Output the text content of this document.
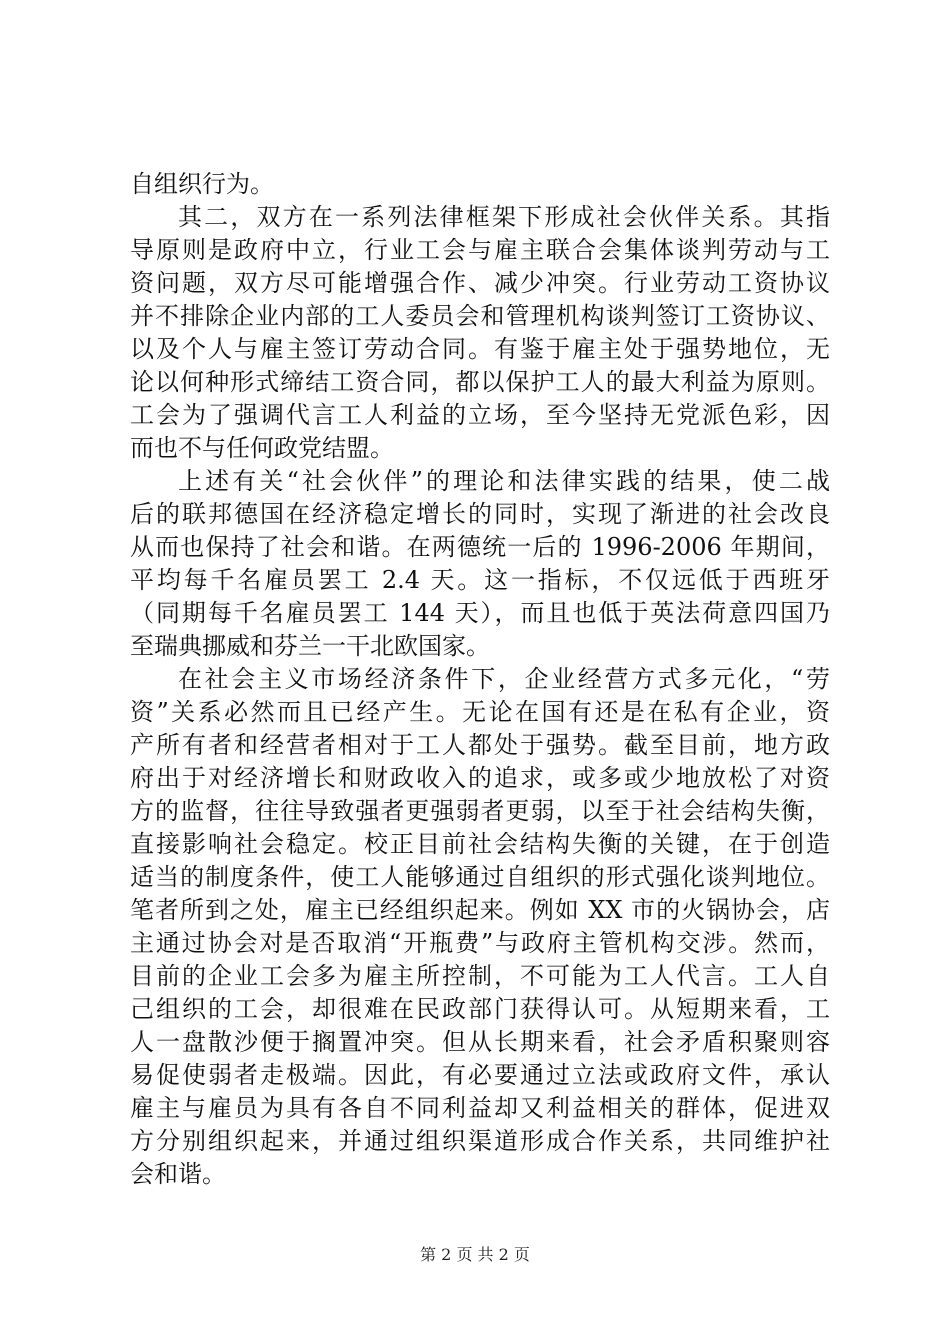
自组织行为。
其二，双方在一系列法律框架下形成社会伙伴关系。其指
导原则是政府中立，行业工会与雇主联合会集体谈判劳动与工
资问题，双方尽可能增强合作、减少冲突。行业劳动工资协议
并不排除企业内部的工人委员会和管理机构谈判签订工资协议、
以及个人与雇主签订劳动合同。有鉴于雇主处于强势地位，无
论以何种形式缔结工资合同，都以保护工人的最大利益为原则。
工会为了强调代言工人利益的立场，至今坚持无党派色彩，因
而也不与任何政党结盟。
上述有关“社会伙伴”的理论和法律实践的结果，使二战
后的联邦德国在经济稳定增长的同时，实现了渐进的社会改良
从而也保持了社会和谐。在两德统一后的 1996-2006 年期间，
平均每千名雇员罢工 2.4 天。这一指标，不仅远低于西班牙
（同期每千名雇员罢工 144 天），而且也低于英法荷意四国乃
至瑞典挪威和芬兰一干北欧国家。
在社会主义市场经济条件下，企业经营方式多元化，“劳
资”关系必然而且已经产生。无论在国有还是在私有企业，资
产所有者和经营者相对于工人都处于强势。截至目前，地方政
府出于对经济增长和财政收入的追求，或多或少地放松了对资
方的监督，往往导致强者更强弱者更弱，以至于社会结构失衡，
直接影响社会稳定。校正目前社会结构失衡的关键，在于创造
适当的制度条件，使工人能够通过自组织的形式强化谈判地位。
笔者所到之处，雇主已经组织起来。例如 XX 市的火锅协会，店
主通过协会对是否取消“开瓶费”与政府主管机构交涉。然而，
目前的企业工会多为雇主所控制，不可能为工人代言。工人自
己组织的工会，却很难在民政部门获得认可。从短期来看，工
人一盘散沙便于搁置冲突。但从长期来看，社会矛盾积聚则容
易促使弱者走极端。因此，有必要通过立法或政府文件，承认
雇主与雇员为具有各自不同利益却又利益相关的群体，促进双
方分别组织起来，并通过组织渠道形成合作关系，共同维护社
会和谐。
第 2 页 共 2 页
